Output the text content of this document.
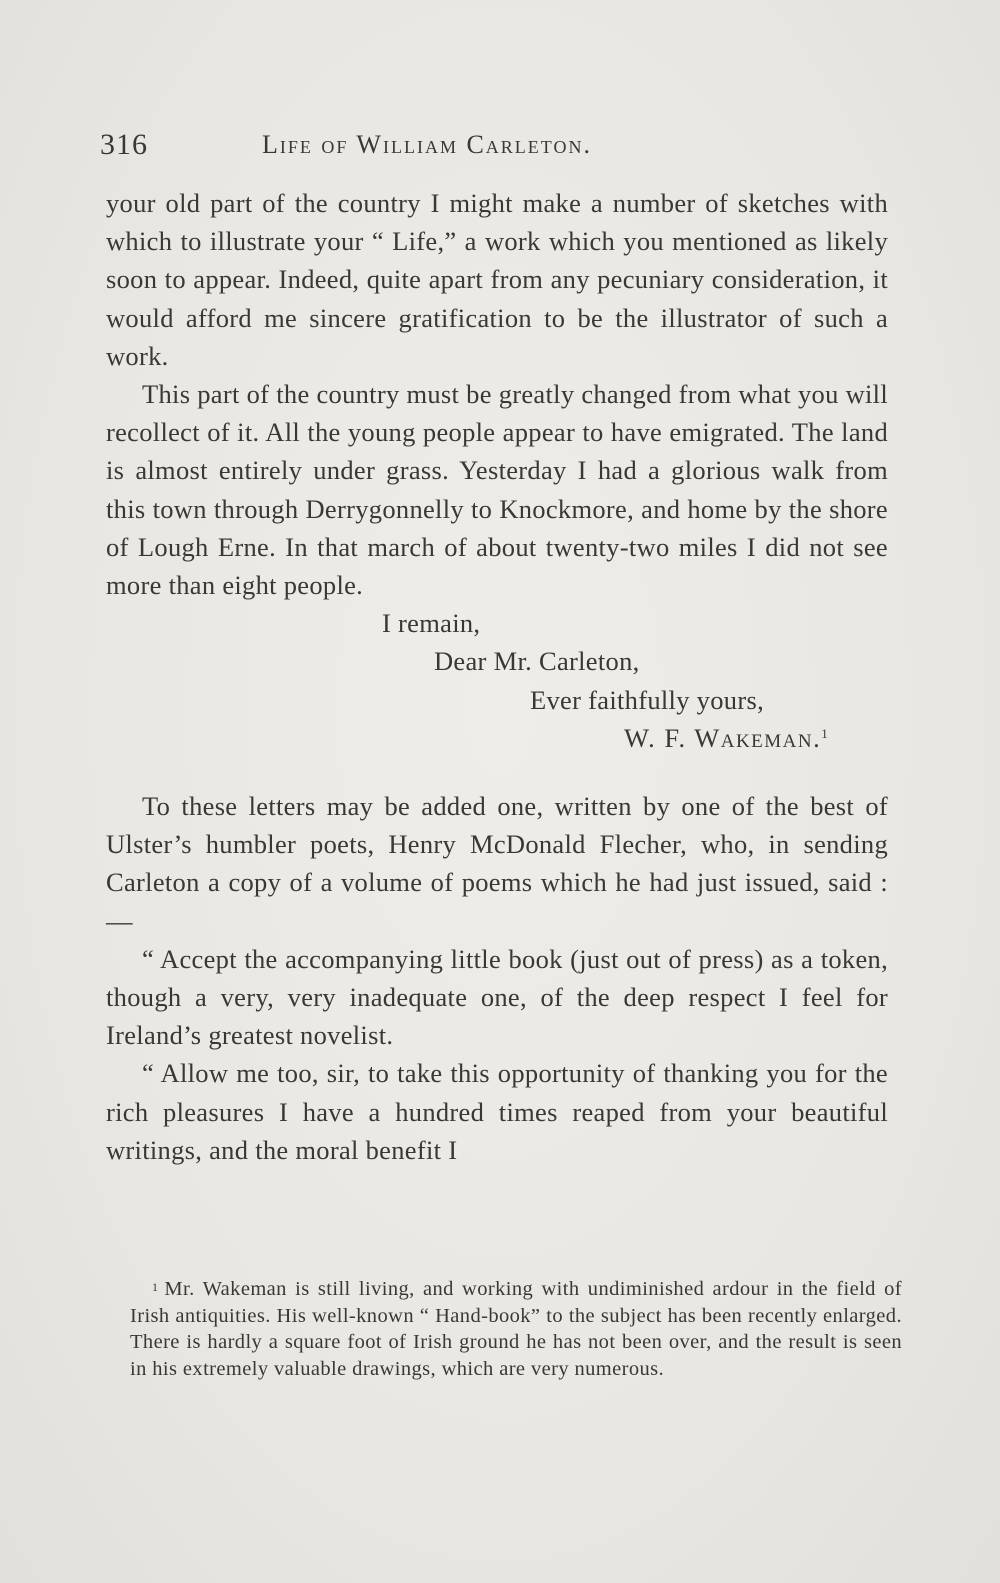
316	Life of William Carleton.

your old part of the country I might make a number of sketches with which to illustrate your “ Life,” a work which you mentioned as likely soon to appear. Indeed, quite apart from any pecuniary consideration, it would afford me sincere gratification to be the illustrator of such a work.

This part of the country must be greatly changed from what you will recollect of it. All the young people appear to have emigrated. The land is almost entirely under grass. Yesterday I had a glorious walk from this town through Derrygonnelly to Knockmore, and home by the shore of Lough Erne. In that march of about twenty-two miles I did not see more than eight people.

I remain,
Dear Mr. Carleton,
Ever faithfully yours,
W. F. Wakeman.$^1$

To these letters may be added one, written by one of the best of Ulster’s humbler poets, Henry McDonald Flecher, who, in sending Carleton a copy of a volume of poems which he had just issued, said :—

“ Accept the accompanying little book (just out of press) as a token, though a very, very inadequate one, of the deep respect I feel for Ireland’s greatest novelist.

“ Allow me too, sir, to take this opportunity of thanking you for the rich pleasures I have a hundred times reaped from your beautiful writings, and the moral benefit I

$^1$ Mr. Wakeman is still living, and working with undiminished ardour in the field of Irish antiquities. His well-known “ Hand-book” to the subject has been recently enlarged. There is hardly a square foot of Irish ground he has not been over, and the result is seen in his extremely valuable drawings, which are very numerous.
